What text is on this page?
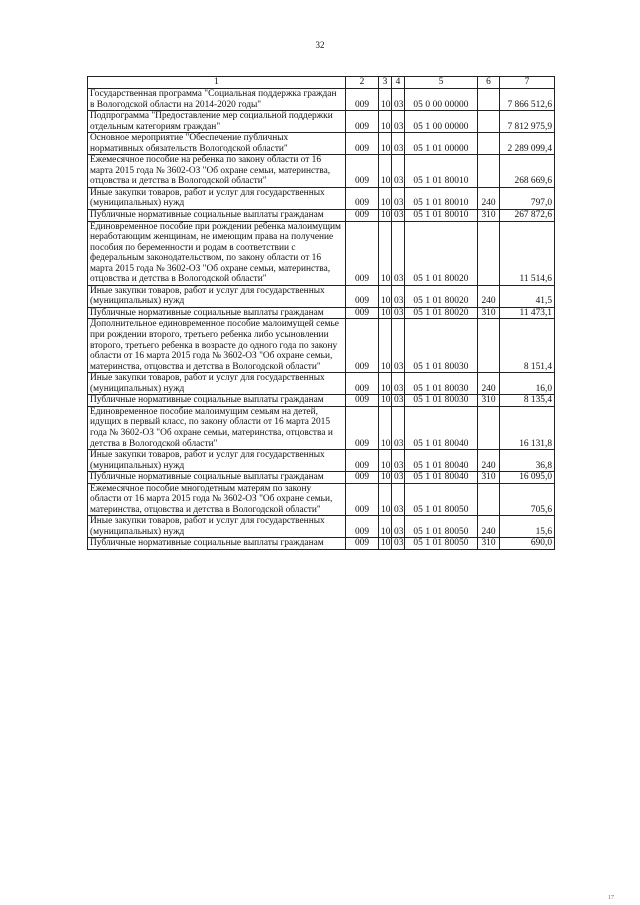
32
1	2	3	4	5	6	7
Государственная программа "Социальная поддержка граждан в Вологодской области на 2014-2020 годы"	009	10	03	05 0 00 00000		7 866 512,6
Подпрограмма "Предоставление мер социальной поддержки отдельным категориям граждан"	009	10	03	05 1 00 00000		7 812 975,9
Основное мероприятие "Обеспечение публичных нормативных обязательств Вологодской области"	009	10	03	05 1 01 00000		2 289 099,4
Ежемесячное пособие на ребенка по закону области от 16 марта 2015 года № 3602-ОЗ "Об охране семьи, материнства, отцовства и детства в Вологодской области"	009	10	03	05 1 01 80010		268 669,6
Иные закупки товаров, работ и услуг для государственных (муниципальных) нужд	009	10	03	05 1 01 80010	240	797,0
Публичные нормативные социальные выплаты гражданам	009	10	03	05 1 01 80010	310	267 872,6
Единовременное пособие при рождении ребенка малоимущим неработающим женщинам, не имеющим права на получение пособия по беременности и родам в соответствии с федеральным законодательством, по закону области от 16 марта 2015 года № 3602-ОЗ "Об охране семьи, материнства, отцовства и детства в Вологодской области"	009	10	03	05 1 01 80020		11 514,6
Иные закупки товаров, работ и услуг для государственных (муниципальных) нужд	009	10	03	05 1 01 80020	240	41,5
Публичные нормативные социальные выплаты гражданам	009	10	03	05 1 01 80020	310	11 473,1
Дополнительное единовременное пособие малоимущей семье при рождении второго, третьего ребенка либо усыновлении второго, третьего ребенка в возрасте до одного года по закону области от 16 марта 2015 года № 3602-ОЗ "Об охране семьи, материнства, отцовства и детства в Вологодской области"	009	10	03	05 1 01 80030		8 151,4
Иные закупки товаров, работ и услуг для государственных (муниципальных) нужд	009	10	03	05 1 01 80030	240	16,0
Публичные нормативные социальные выплаты гражданам	009	10	03	05 1 01 80030	310	8 135,4
Единовременное пособие малоимущим семьям на детей, идущих в первый класс, по закону области от 16 марта 2015 года № 3602-ОЗ "Об охране семьи, материнства, отцовства и детства в Вологодской области"	009	10	03	05 1 01 80040		16 131,8
Иные закупки товаров, работ и услуг для государственных (муниципальных) нужд	009	10	03	05 1 01 80040	240	36,8
Публичные нормативные социальные выплаты гражданам	009	10	03	05 1 01 80040	310	16 095,0
Ежемесячное пособие многодетным матерям по закону области от 16 марта 2015 года № 3602-ОЗ "Об охране семьи, материнства, отцовства и детства в Вологодской области"	009	10	03	05 1 01 80050		705,6
Иные закупки товаров, работ и услуг для государственных (муниципальных) нужд	009	10	03	05 1 01 80050	240	15,6
Публичные нормативные социальные выплаты гражданам	009	10	03	05 1 01 80050	310	690,0
17
